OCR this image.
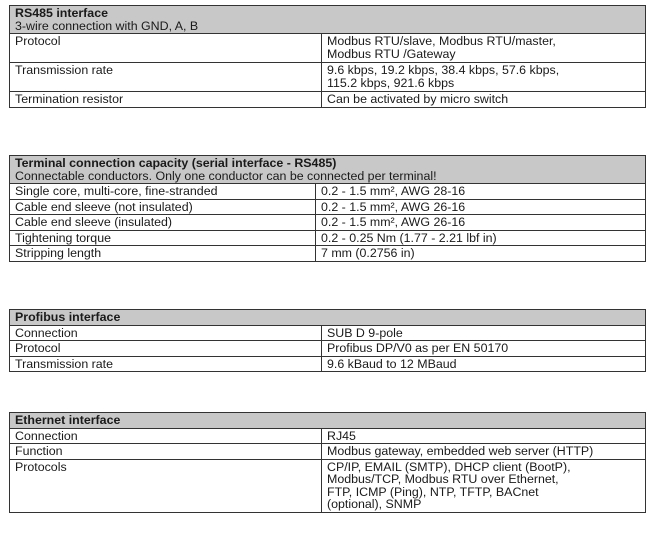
RS485 interface
3-wire connection with GND, A, B	

Protocol	Modbus RTU/slave, Modbus RTU/master,
Modbus RTU /Gateway
Transmission rate	9.6 kbps, 19.2 kbps, 38.4 kbps, 57.6 kbps,
115.2 kbps, 921.6 kbps
Termination resistor	Can be activated by micro switch
Terminal connection capacity (serial interface - RS485)
Connectable conductors. Only one conductor can be connected per terminal!	

Single core, multi-core, fine-stranded	0.2 - 1.5 mm², AWG 28-16
Cable end sleeve (not insulated)	0.2 - 1.5 mm², AWG 26-16
Cable end sleeve (insulated)	0.2 - 1.5 mm², AWG 26-16
Tightening torque	0.2 - 0.25 Nm (1.77 - 2.21 lbf in)
Stripping length	7 mm (0.2756 in)
Profibus interface	

Connection	SUB D 9-pole
Protocol	Profibus DP/V0 as per EN 50170
Transmission rate	9.6 kBaud to 12 MBaud
Ethernet interface	

Connection	RJ45
Function	Modbus gateway, embedded web server (HTTP)
Protocols	CP/IP, EMAIL (SMTP), DHCP client (BootP),
Modbus/TCP, Modbus RTU over Ethernet,
FTP, ICMP (Ping), NTP, TFTP, BACnet
(optional), SNMP
